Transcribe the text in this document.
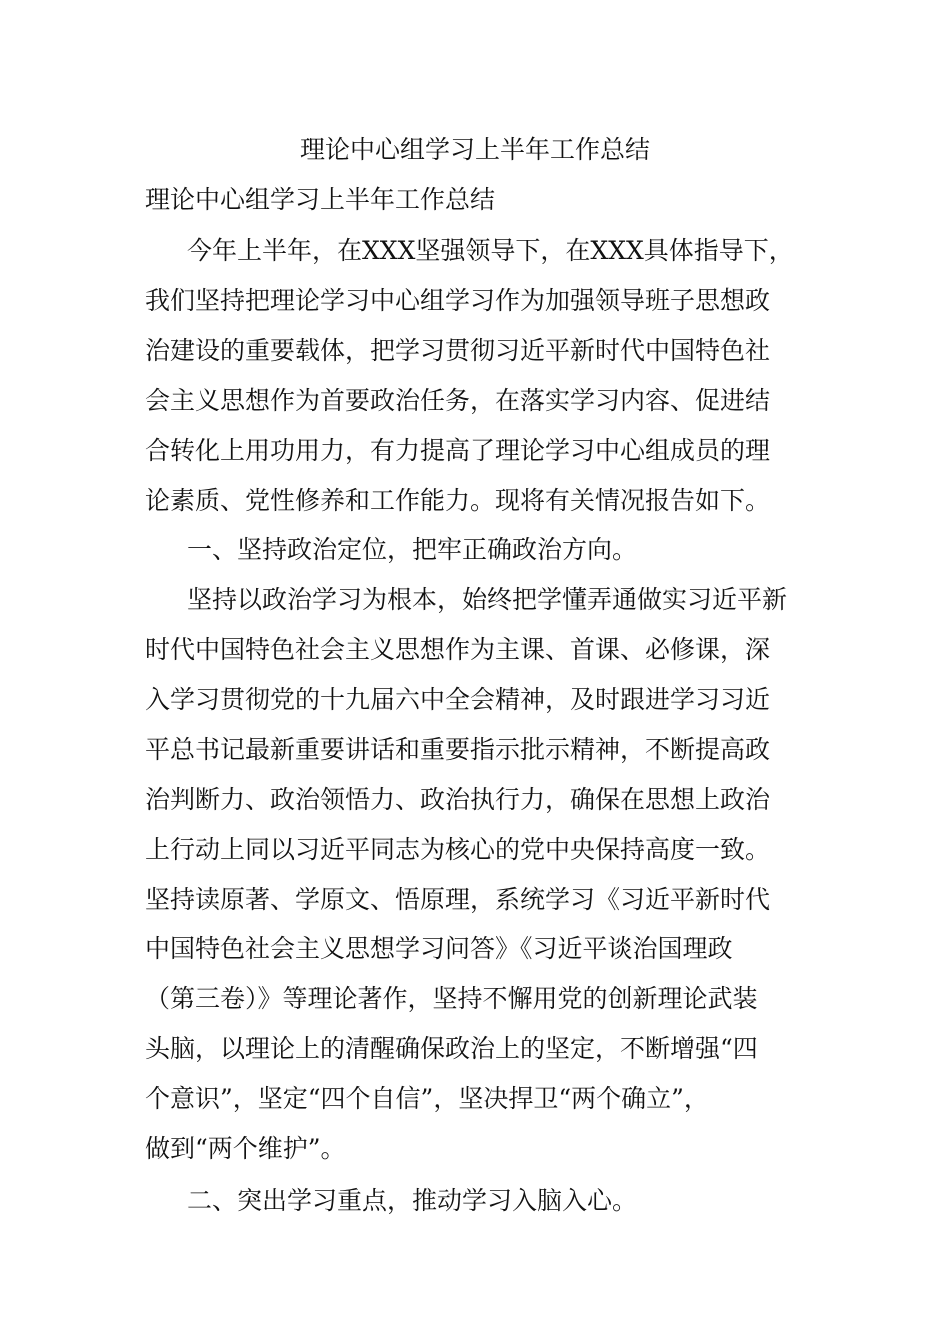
理论中心组学习上半年工作总结
理论中心组学习上半年工作总结
今年上半年，在XXX坚强领导下，在XXX具体指导下，
我们坚持把理论学习中心组学习作为加强领导班子思想政
治建设的重要载体，把学习贯彻习近平新时代中国特色社
会主义思想作为首要政治任务，在落实学习内容、促进结
合转化上用功用力，有力提高了理论学习中心组成员的理
论素质、党性修养和工作能力。现将有关情况报告如下。
一、坚持政治定位，把牢正确政治方向。
坚持以政治学习为根本，始终把学懂弄通做实习近平新
时代中国特色社会主义思想作为主课、首课、必修课，深
入学习贯彻党的十九届六中全会精神，及时跟进学习习近
平总书记最新重要讲话和重要指示批示精神，不断提高政
治判断力、政治领悟力、政治执行力，确保在思想上政治
上行动上同以习近平同志为核心的党中央保持高度一致。
坚持读原著、学原文、悟原理，系统学习《习近平新时代
中国特色社会主义思想学习问答》《习近平谈治国理政
（第三卷）》等理论著作，坚持不懈用党的创新理论武装
头脑，以理论上的清醒确保政治上的坚定，不断增强“四
个意识”，坚定“四个自信”，坚决捍卫“两个确立”，
做到“两个维护”。
二、突出学习重点，推动学习入脑入心。
